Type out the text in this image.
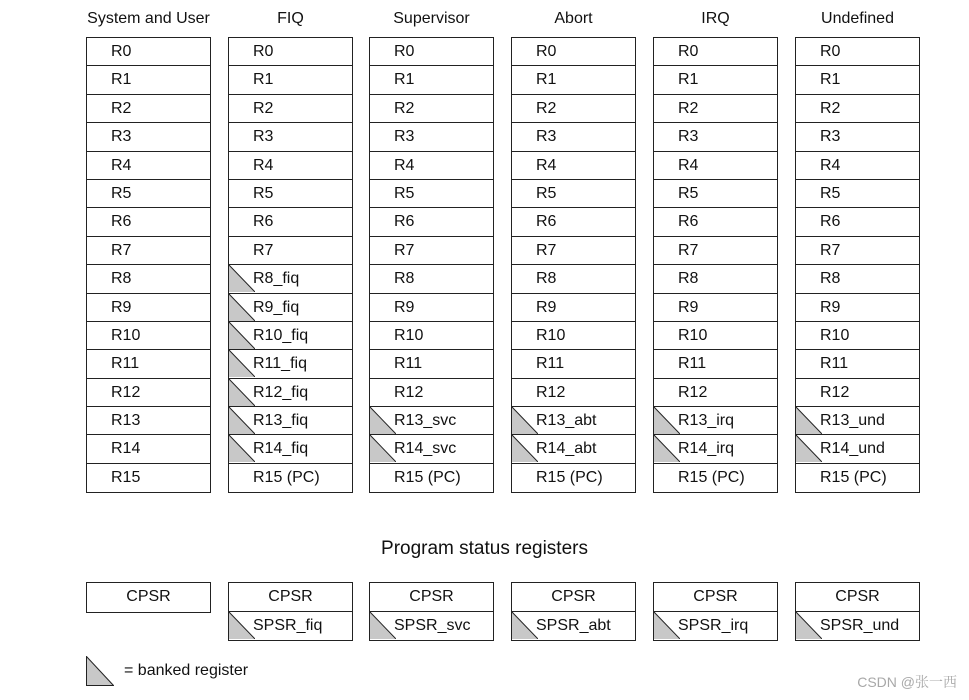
System and User
R0
R1
R2
R3
R4
R5
R6
R7
R8
R9
R10
R11
R12
R13
R14
R15
FIQ
R0
R1
R2
R3
R4
R5
R6
R7
R8_fiq
R9_fiq
R10_fiq
R11_fiq
R12_fiq
R13_fiq
R14_fiq
R15 (PC)
Supervisor
R0
R1
R2
R3
R4
R5
R6
R7
R8
R9
R10
R11
R12
R13_svc
R14_svc
R15 (PC)
Abort
R0
R1
R2
R3
R4
R5
R6
R7
R8
R9
R10
R11
R12
R13_abt
R14_abt
R15 (PC)
IRQ
R0
R1
R2
R3
R4
R5
R6
R7
R8
R9
R10
R11
R12
R13_irq
R14_irq
R15 (PC)
Undefined
R0
R1
R2
R3
R4
R5
R6
R7
R8
R9
R10
R11
R12
R13_und
R14_und
R15 (PC)
CPSR	CPSR
SPSR_fiq
CPSR
SPSR_svc
CPSR
SPSR_abt
CPSR
SPSR_irq
CPSR
SPSR_und
Program status registers
= banked register
CSDN @张一西
